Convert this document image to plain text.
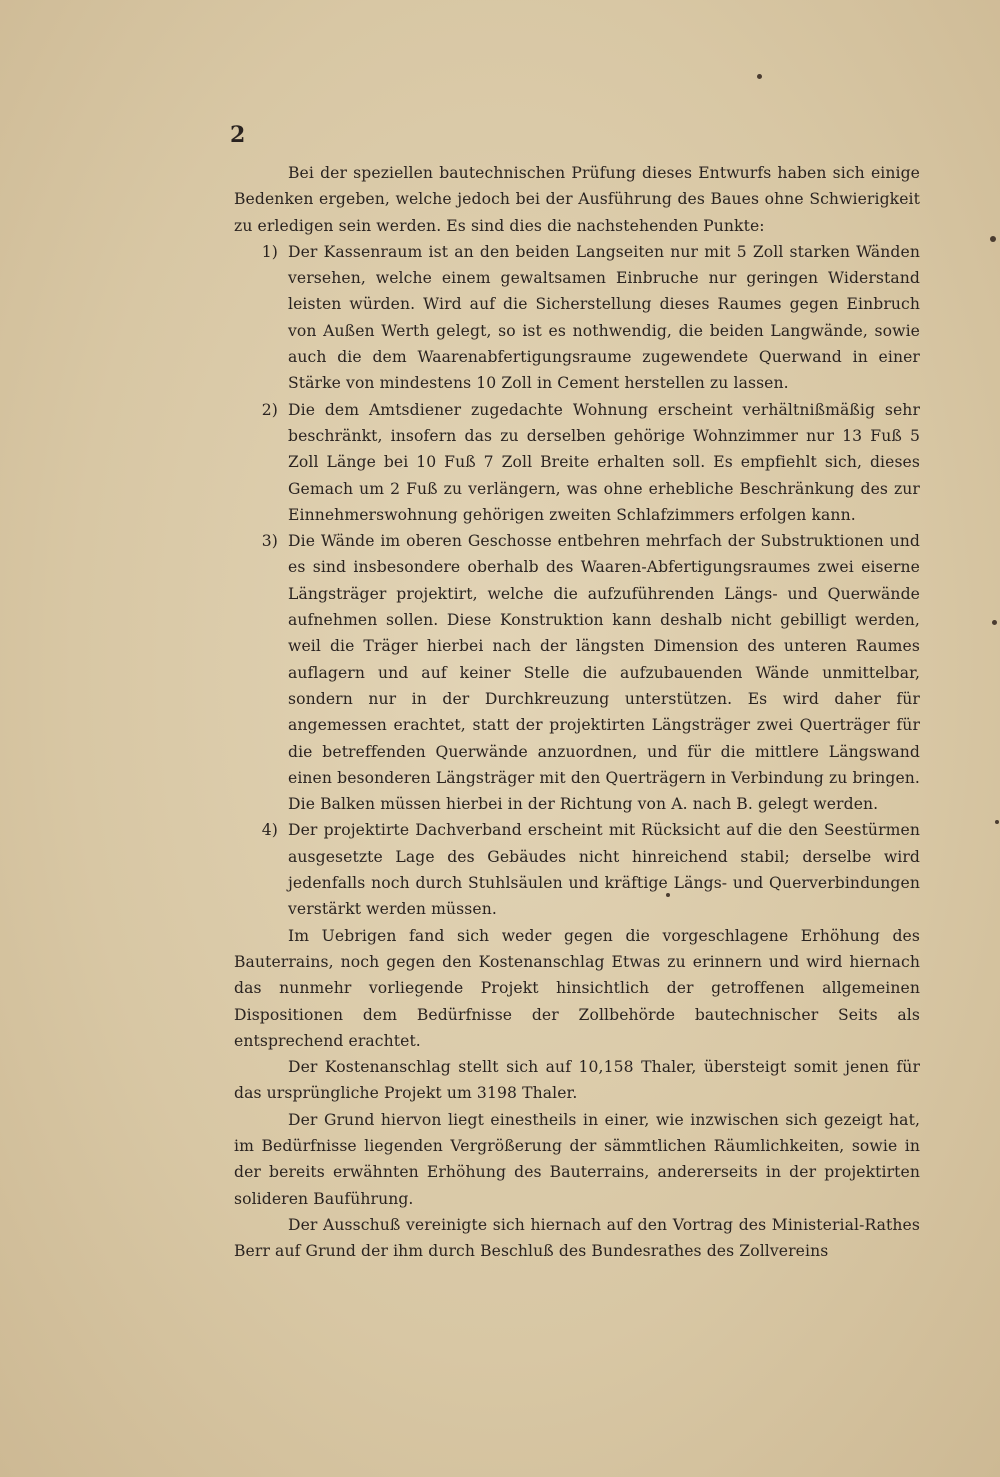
2

Bei der speziellen bautechnischen Prüfung dieses Entwurfs haben sich einige Bedenken ergeben, welche jedoch bei der Ausführung des Baues ohne Schwierigkeit zu erledigen sein werden. Es sind dies die nachstehenden Punkte:

1) Der Kassenraum ist an den beiden Langseiten nur mit 5 Zoll starken Wänden versehen, welche einem gewaltsamen Einbruche nur geringen Widerstand leisten würden. Wird auf die Sicherstellung dieses Raumes gegen Einbruch von Außen Werth gelegt, so ist es nothwendig, die beiden Langwände, sowie auch die dem Waarenabfertigungsraume zugewendete Querwand in einer Stärke von mindestens 10 Zoll in Cement herstellen zu lassen.
2) Die dem Amtsdiener zugedachte Wohnung erscheint verhältnißmäßig sehr beschränkt, insofern das zu derselben gehörige Wohnzimmer nur 13 Fuß 5 Zoll Länge bei 10 Fuß 7 Zoll Breite erhalten soll. Es empfiehlt sich, dieses Gemach um 2 Fuß zu verlängern, was ohne erhebliche Beschränkung des zur Einnehmerswohnung gehörigen zweiten Schlafzimmers erfolgen kann.
3) Die Wände im oberen Geschosse entbehren mehrfach der Substruktionen und es sind insbesondere oberhalb des Waaren-Abfertigungsraumes zwei eiserne Längsträger projektirt, welche die aufzuführenden Längs- und Querwände aufnehmen sollen. Diese Konstruktion kann deshalb nicht gebilligt werden, weil die Träger hierbei nach der längsten Dimension des unteren Raumes auflagern und auf keiner Stelle die aufzubauenden Wände unmittelbar, sondern nur in der Durchkreuzung unterstützen. Es wird daher für angemessen erachtet, statt der projektirten Längsträger zwei Querträger für die betreffenden Querwände anzuordnen, und für die mittlere Längswand einen besonderen Längsträger mit den Querträgern in Verbindung zu bringen. Die Balken müssen hierbei in der Richtung von A. nach B. gelegt werden.
4) Der projektirte Dachverband erscheint mit Rücksicht auf die den Seestürmen ausgesetzte Lage des Gebäudes nicht hinreichend stabil; derselbe wird jedenfalls noch durch Stuhlsäulen und kräftige Längs- und Querverbindungen verstärkt werden müssen.

Im Uebrigen fand sich weder gegen die vorgeschlagene Erhöhung des Bauterrains, noch gegen den Kostenanschlag Etwas zu erinnern und wird hiernach das nunmehr vorliegende Projekt hinsichtlich der getroffenen allgemeinen Dispositionen dem Bedürfnisse der Zollbehörde bautechnischer Seits als entsprechend erachtet.

Der Kostenanschlag stellt sich auf 10,158 Thaler, übersteigt somit jenen für das ursprüngliche Projekt um 3198 Thaler.

Der Grund hiervon liegt einestheils in einer, wie inzwischen sich gezeigt hat, im Bedürfnisse liegenden Vergrößerung der sämmtlichen Räumlichkeiten, sowie in der bereits erwähnten Erhöhung des Bauterrains, andererseits in der projektirten solideren Bauführung.

Der Ausschuß vereinigte sich hiernach auf den Vortrag des Ministerial-Rathes Berr auf Grund der ihm durch Beschluß des Bundesrathes des Zollvereins
